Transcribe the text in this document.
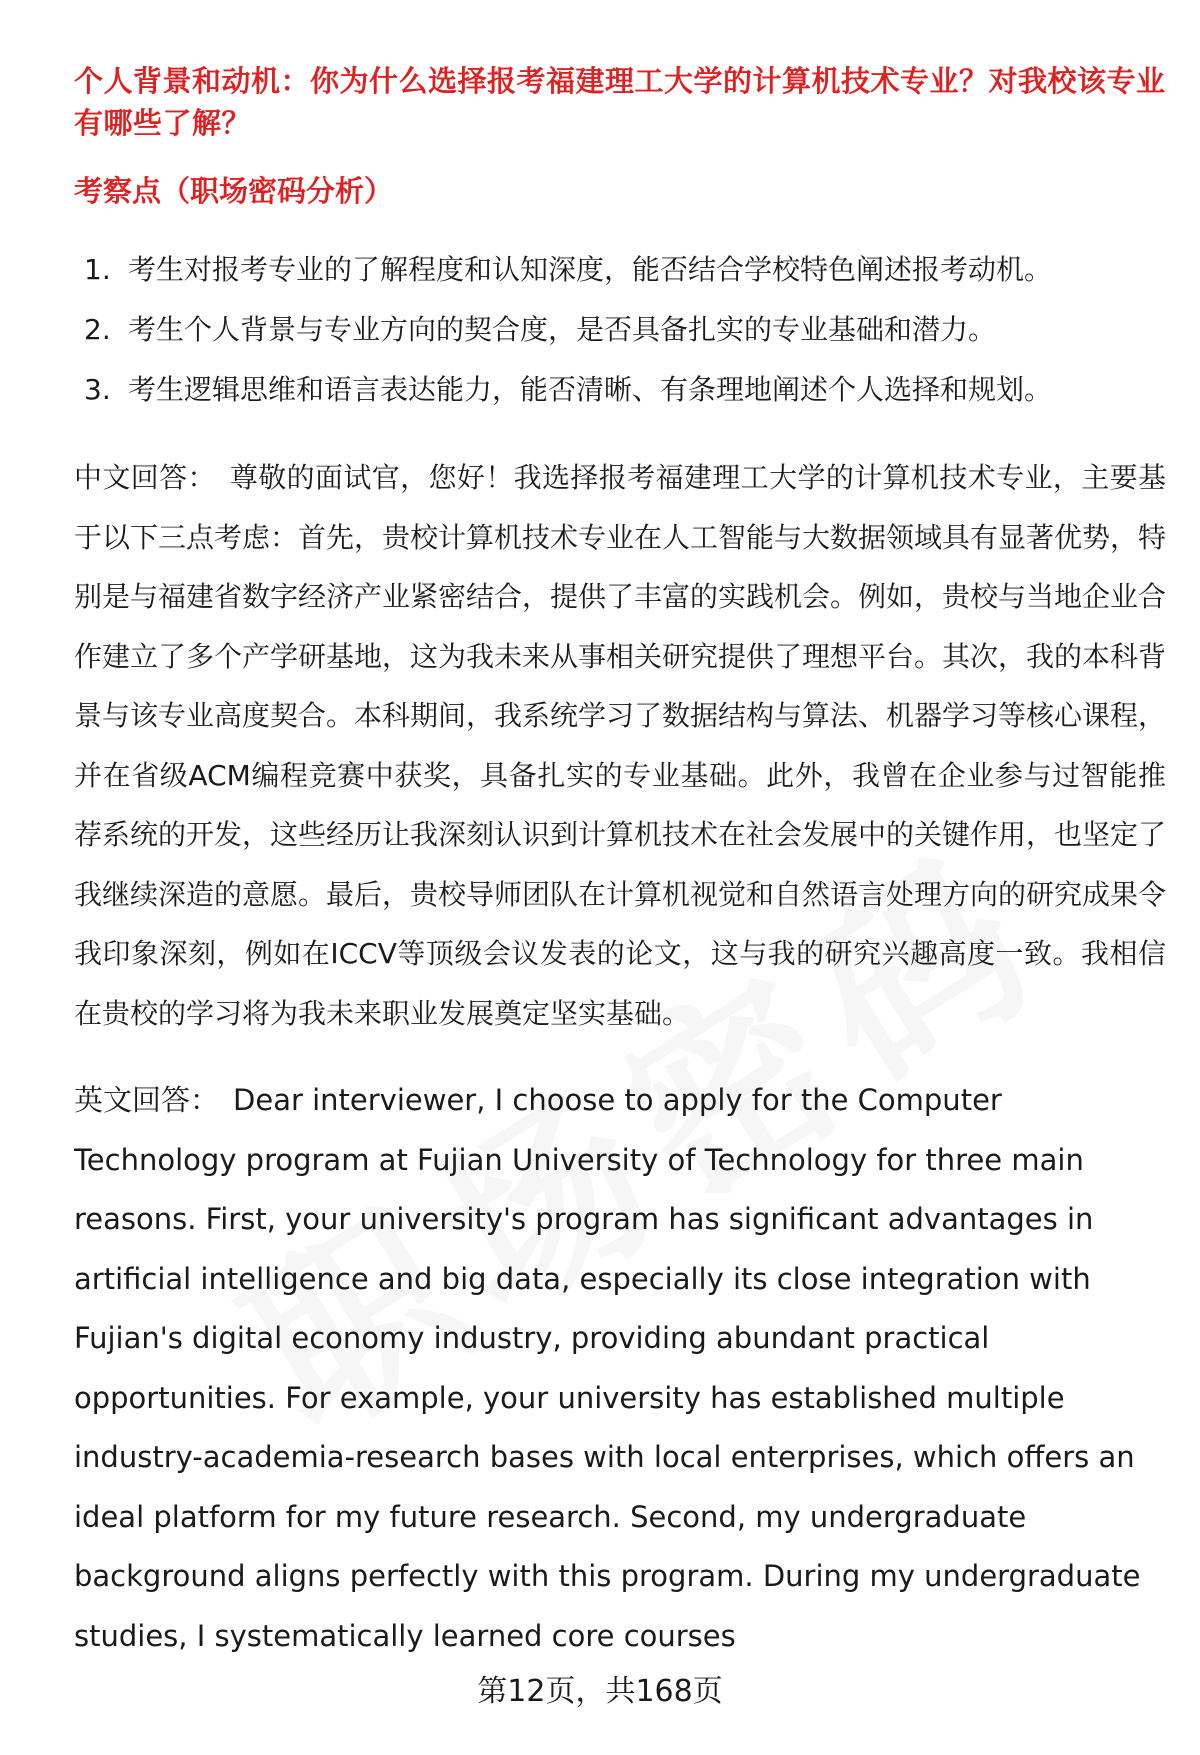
个人背景和动机：你为什么选择报考福建理工大学的计算机技术专业？对我校该专业有哪些了解？
考察点（职场密码分析）
1. 考生对报考专业的了解程度和认知深度，能否结合学校特色阐述报考动机。
2. 考生个人背景与专业方向的契合度，是否具备扎实的专业基础和潜力。
3. 考生逻辑思维和语言表达能力，能否清晰、有条理地阐述个人选择和规划。

中文回答： 尊敬的面试官，您好！我选择报考福建理工大学的计算机技术专业，主要基于以下三点考虑：首先，贵校计算机技术专业在人工智能与大数据领域具有显著优势，特别是与福建省数字经济产业紧密结合，提供了丰富的实践机会。例如，贵校与当地企业合作建立了多个产学研基地，这为我未来从事相关研究提供了理想平台。其次，我的本科背景与该专业高度契合。本科期间，我系统学习了数据结构与算法、机器学习等核心课程，并在省级ACM编程竞赛中获奖，具备扎实的专业基础。此外，我曾在企业参与过智能推荐系统的开发，这些经历让我深刻认识到计算机技术在社会发展中的关键作用，也坚定了我继续深造的意愿。最后，贵校导师团队在计算机视觉和自然语言处理方向的研究成果令我印象深刻，例如在ICCV等顶级会议发表的论文，这与我的研究兴趣高度一致。我相信在贵校的学习将为我未来职业发展奠定坚实基础。

英文回答： Dear interviewer, I choose to apply for the Computer Technology program at Fujian University of Technology for three main reasons. First, your university's program has significant advantages in artificial intelligence and big data, especially its close integration with Fujian's digital economy industry, providing abundant practical opportunities. For example, your university has established multiple industry-academia-research bases with local enterprises, which offers an ideal platform for my future research. Second, my undergraduate background aligns perfectly with this program. During my undergraduate studies, I systematically learned core courses

第12页，共168页
